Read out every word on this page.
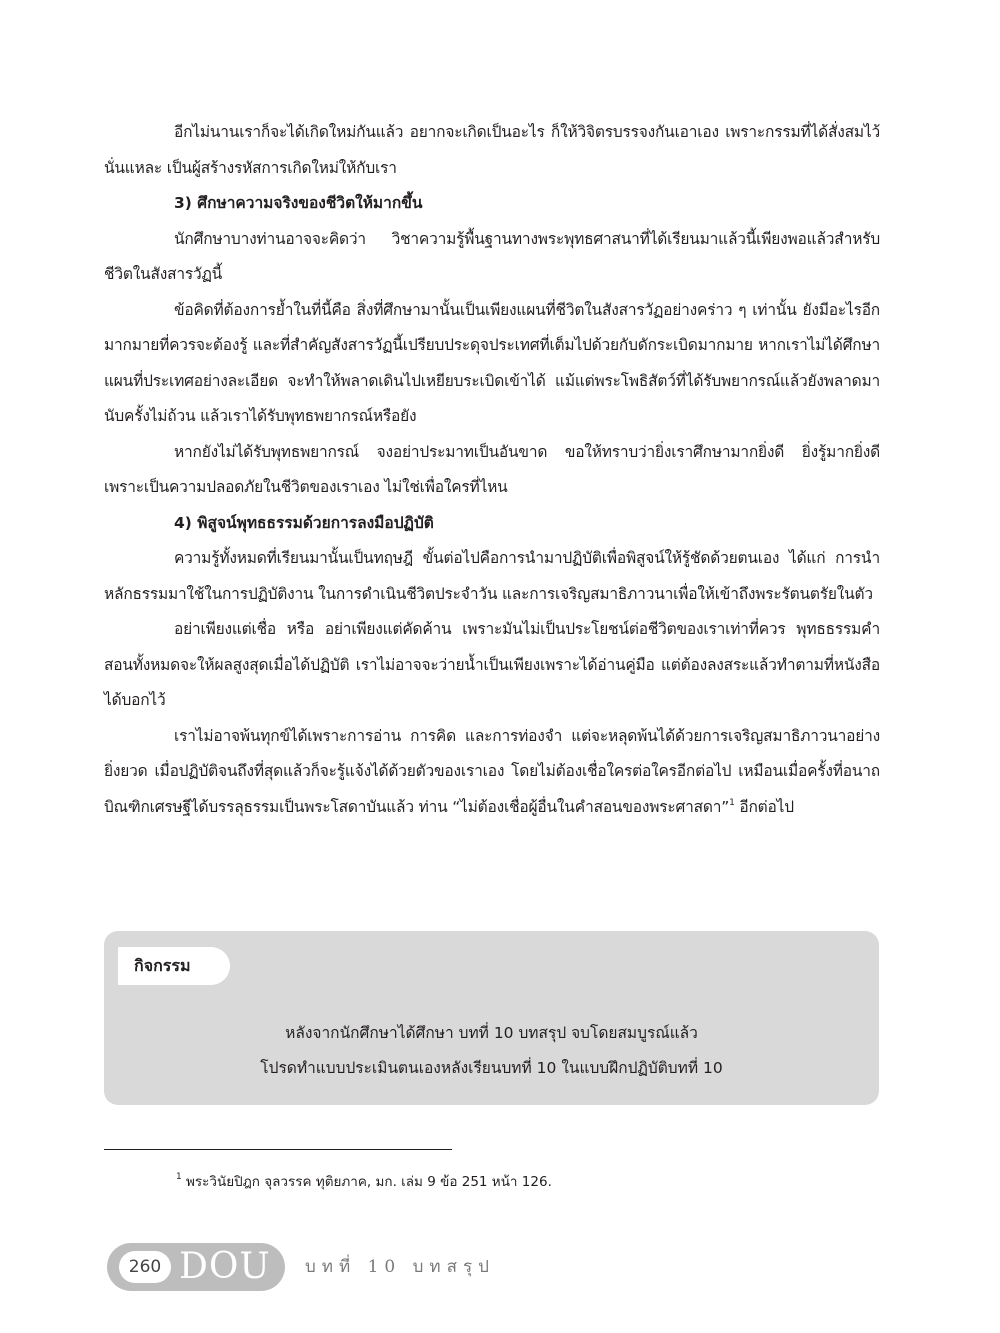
อีกไม่นานเราก็จะได้เกิดใหม่กันแล้ว อยากจะเกิดเป็นอะไร ก็ให้วิจิตรบรรจงกันเอาเอง เพราะกรรมที่ได้สั่งสมไว้นั่นแหละ เป็นผู้สร้างรหัสการเกิดใหม่ให้กับเรา

3) ศึกษาความจริงของชีวิตให้มากขึ้น

นักศึกษาบางท่านอาจจะคิดว่า วิชาความรู้พื้นฐานทางพระพุทธศาสนาที่ได้เรียนมาแล้วนี้เพียงพอแล้วสำหรับชีวิตในสังสารวัฏนี้

ข้อคิดที่ต้องการย้ำในที่นี้คือ สิ่งที่ศึกษามานั้นเป็นเพียงแผนที่ชีวิตในสังสารวัฏอย่างคร่าว ๆ เท่านั้น ยังมีอะไรอีกมากมายที่ควรจะต้องรู้ และที่สำคัญสังสารวัฏนี้เปรียบประดุจประเทศที่เต็มไปด้วยกับดักระเบิดมากมาย หากเราไม่ได้ศึกษาแผนที่ประเทศอย่างละเอียด จะทำให้พลาดเดินไปเหยียบระเบิดเข้าได้ แม้แต่พระโพธิสัตว์ที่ได้รับพยากรณ์แล้วยังพลาดมานับครั้งไม่ถ้วน แล้วเราได้รับพุทธพยากรณ์หรือยัง

หากยังไม่ได้รับพุทธพยากรณ์ จงอย่าประมาทเป็นอันขาด ขอให้ทราบว่ายิ่งเราศึกษามากยิ่งดี ยิ่งรู้มากยิ่งดี เพราะเป็นความปลอดภัยในชีวิตของเราเอง ไม่ใช่เพื่อใครที่ไหน

4) พิสูจน์พุทธธรรมด้วยการลงมือปฏิบัติ

ความรู้ทั้งหมดที่เรียนมานั้นเป็นทฤษฎี ขั้นต่อไปคือการนำมาปฏิบัติเพื่อพิสูจน์ให้รู้ชัดด้วยตนเอง ได้แก่ การนำหลักธรรมมาใช้ในการปฏิบัติงาน ในการดำเนินชีวิตประจำวัน และการเจริญสมาธิภาวนาเพื่อให้เข้าถึงพระรัตนตรัยในตัว

อย่าเพียงแต่เชื่อ หรือ อย่าเพียงแต่คัดค้าน เพราะมันไม่เป็นประโยชน์ต่อชีวิตของเราเท่าที่ควร พุทธธรรมคำสอนทั้งหมดจะให้ผลสูงสุดเมื่อได้ปฏิบัติ เราไม่อาจจะว่ายน้ำเป็นเพียงเพราะได้อ่านคู่มือ แต่ต้องลงสระแล้วทำตามที่หนังสือได้บอกไว้

เราไม่อาจพ้นทุกข์ได้เพราะการอ่าน การคิด และการท่องจำ แต่จะหลุดพ้นได้ด้วยการเจริญสมาธิภาวนาอย่างยิ่งยวด เมื่อปฏิบัติจนถึงที่สุดแล้วก็จะรู้แจ้งได้ด้วยตัวของเราเอง โดยไม่ต้องเชื่อใครต่อใครอีกต่อไป เหมือนเมื่อครั้งที่อนาถบิณฑิกเศรษฐีได้บรรลุธรรมเป็นพระโสดาบันแล้ว ท่าน “ไม่ต้องเชื่อผู้อื่นในคำสอนของพระศาสดา”$^1$ อีกต่อไป

กิจกรรม
หลังจากนักศึกษาได้ศึกษา บทที่ 10 บทสรุป จบโดยสมบูรณ์แล้ว
โปรดทำแบบประเมินตนเองหลังเรียนบทที่ 10 ในแบบฝึกปฏิบัติบทที่ 10
$^1$ พระวินัยปิฎก จุลวรรค ทุติยภาค, มก. เล่ม 9 ข้อ 251 หน้า 126.
260 DOU บทที่ 10 บทสรุป
